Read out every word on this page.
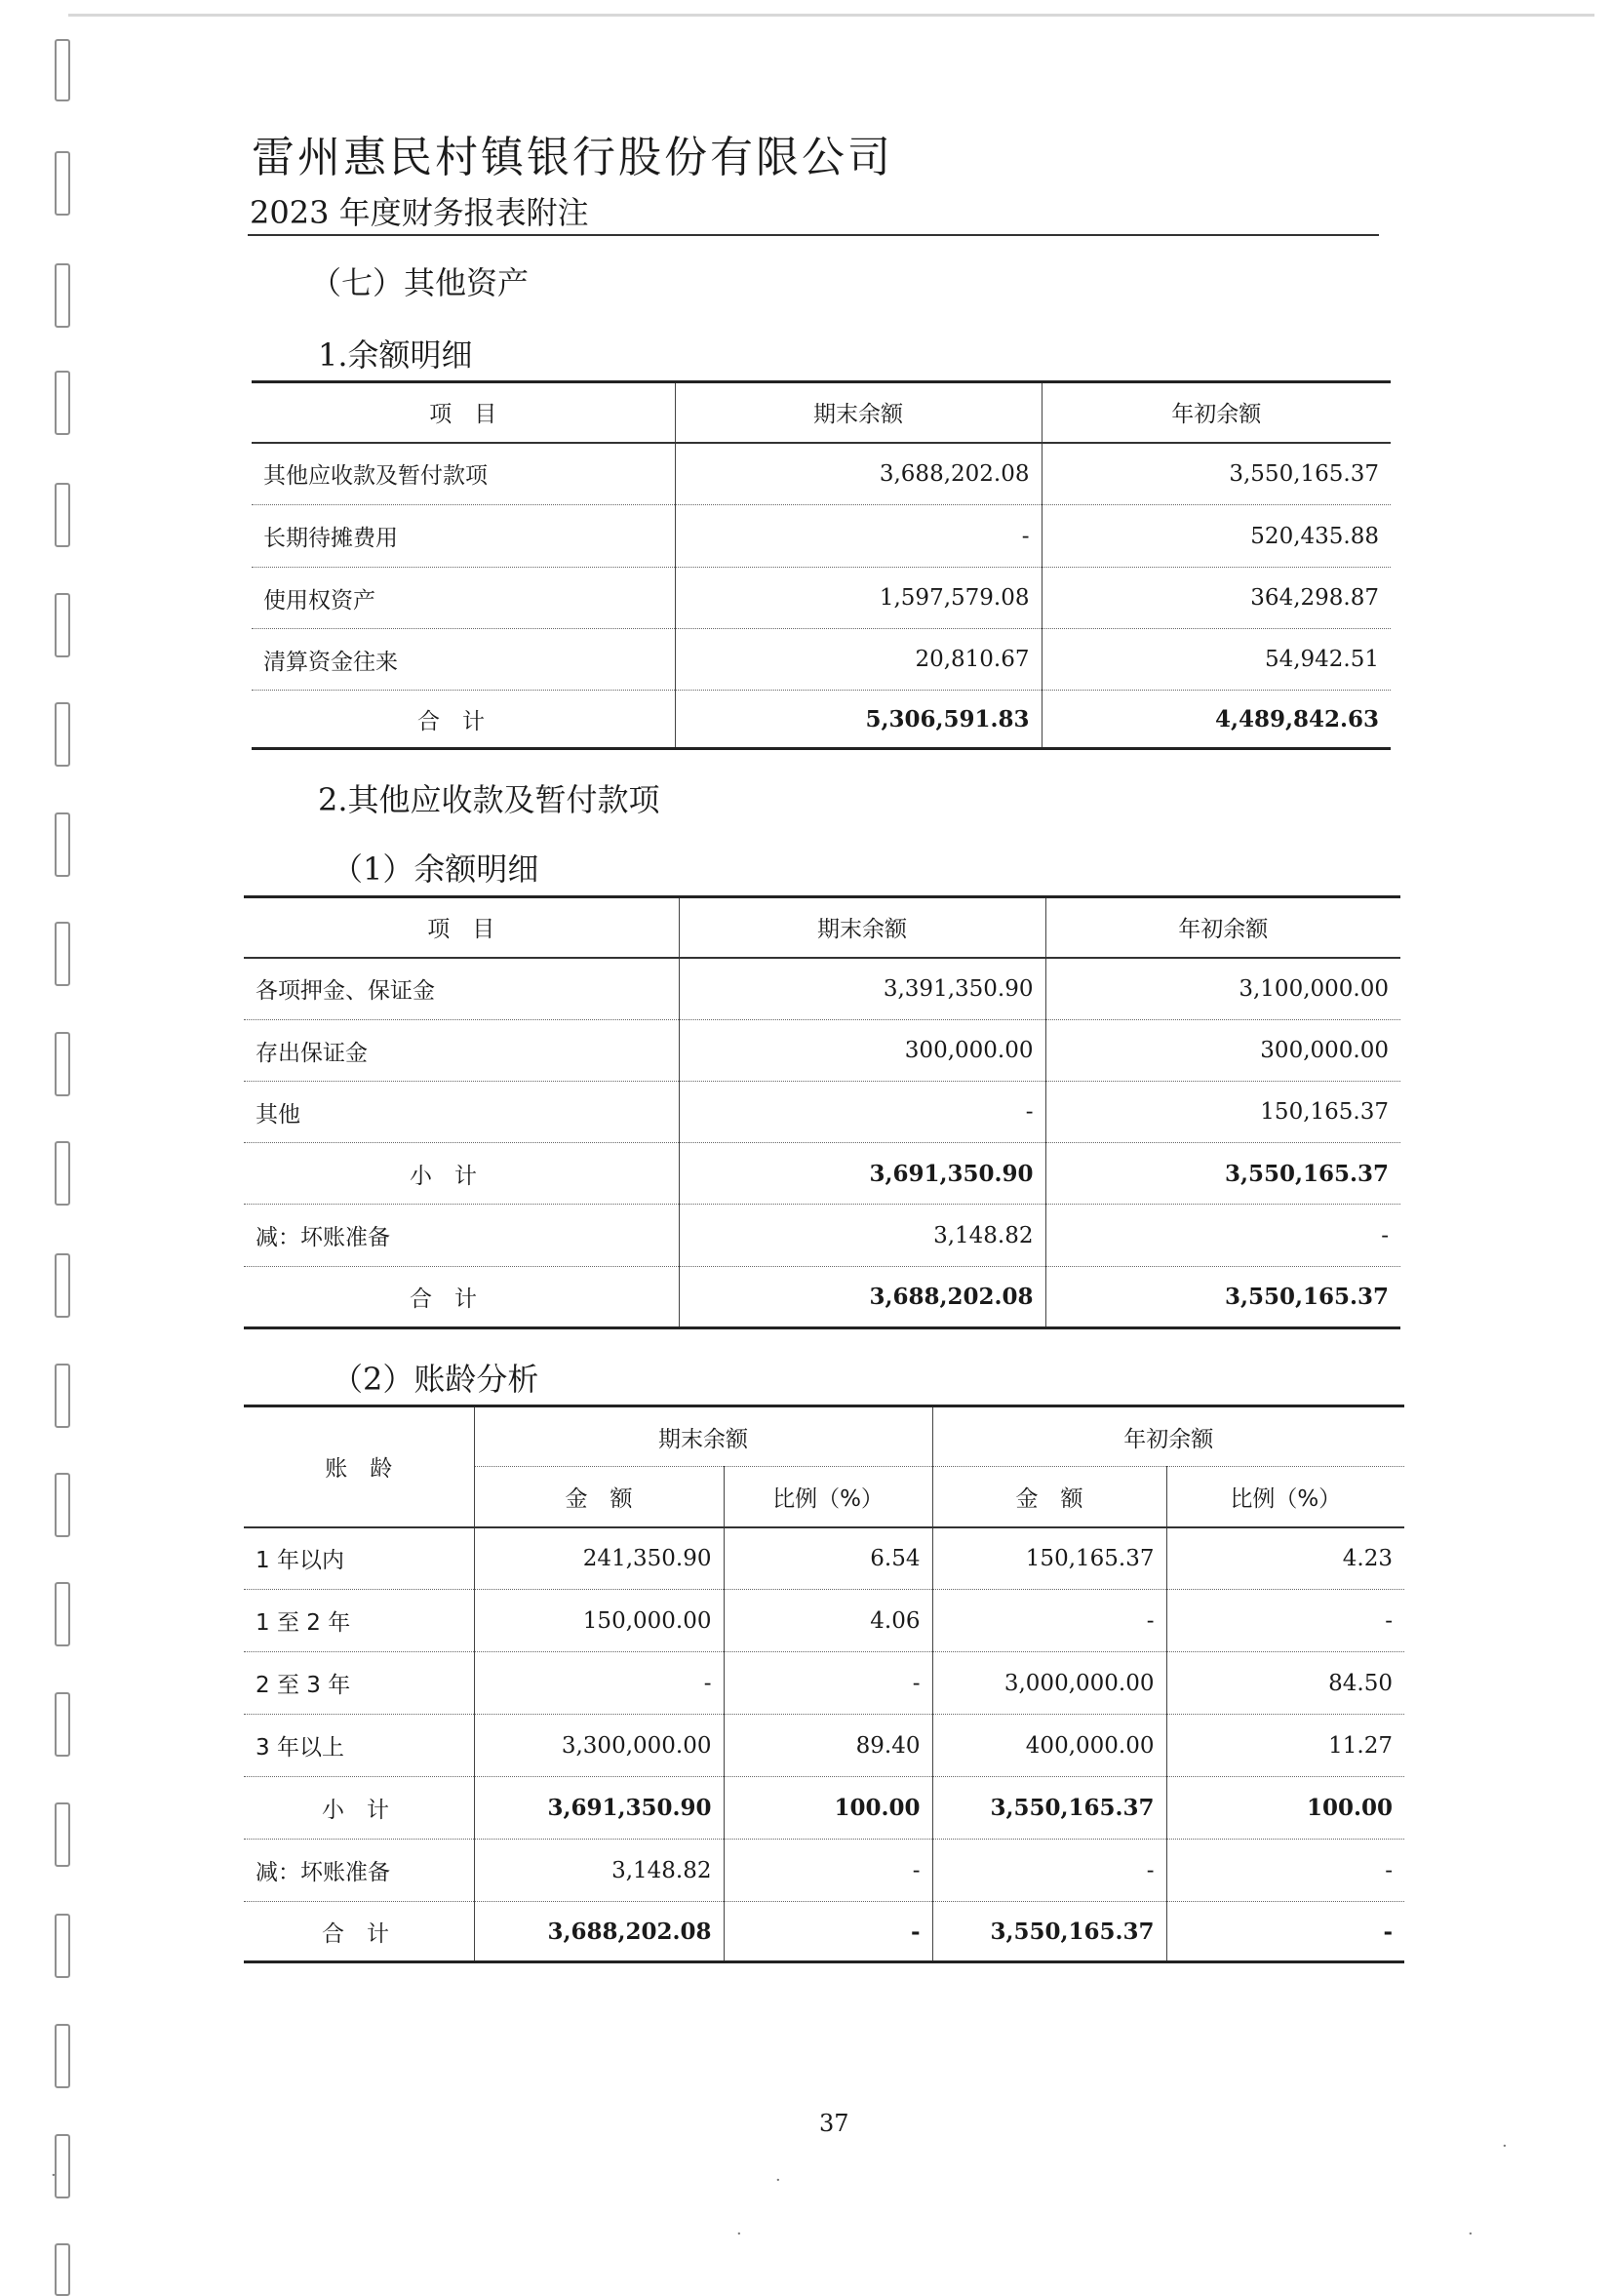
雷州惠民村镇银行股份有限公司
2023 年度财务报表附注
（七）其他资产
1.余额明细
项　目	期末余额	年初余额
其他应收款及暂付款项	3,688,202.08	3,550,165.37
长期待摊费用	-	520,435.88
使用权资产	1,597,579.08	364,298.87
清算资金往来	20,810.67	54,942.51
合　计	5,306,591.83	4,489,842.63
2.其他应收款及暂付款项
（1）余额明细
项　目	期末余额	年初余额
各项押金、保证金	3,391,350.90	3,100,000.00
存出保证金	300,000.00	300,000.00
其他	-	150,165.37
小　计	3,691,350.90	3,550,165.37
减：坏账准备	3,148.82	-
合　计	3,688,202.08	3,550,165.37
（2）账龄分析
账　龄	期末余额		年初余额	
	金　额	比例（%）	金　额	比例（%）
1 年以内	241,350.90	6.54	150,165.37	4.23
1 至 2 年	150,000.00	4.06	-	-
2 至 3 年	-	-	3,000,000.00	84.50
3 年以上	3,300,000.00	89.40	400,000.00	11.27
小　计	3,691,350.90	100.00	3,550,165.37	100.00
减：坏账准备	3,148.82	-	-	-
合　计	3,688,202.08	-	3,550,165.37	-
37
·	·
·
·	·
